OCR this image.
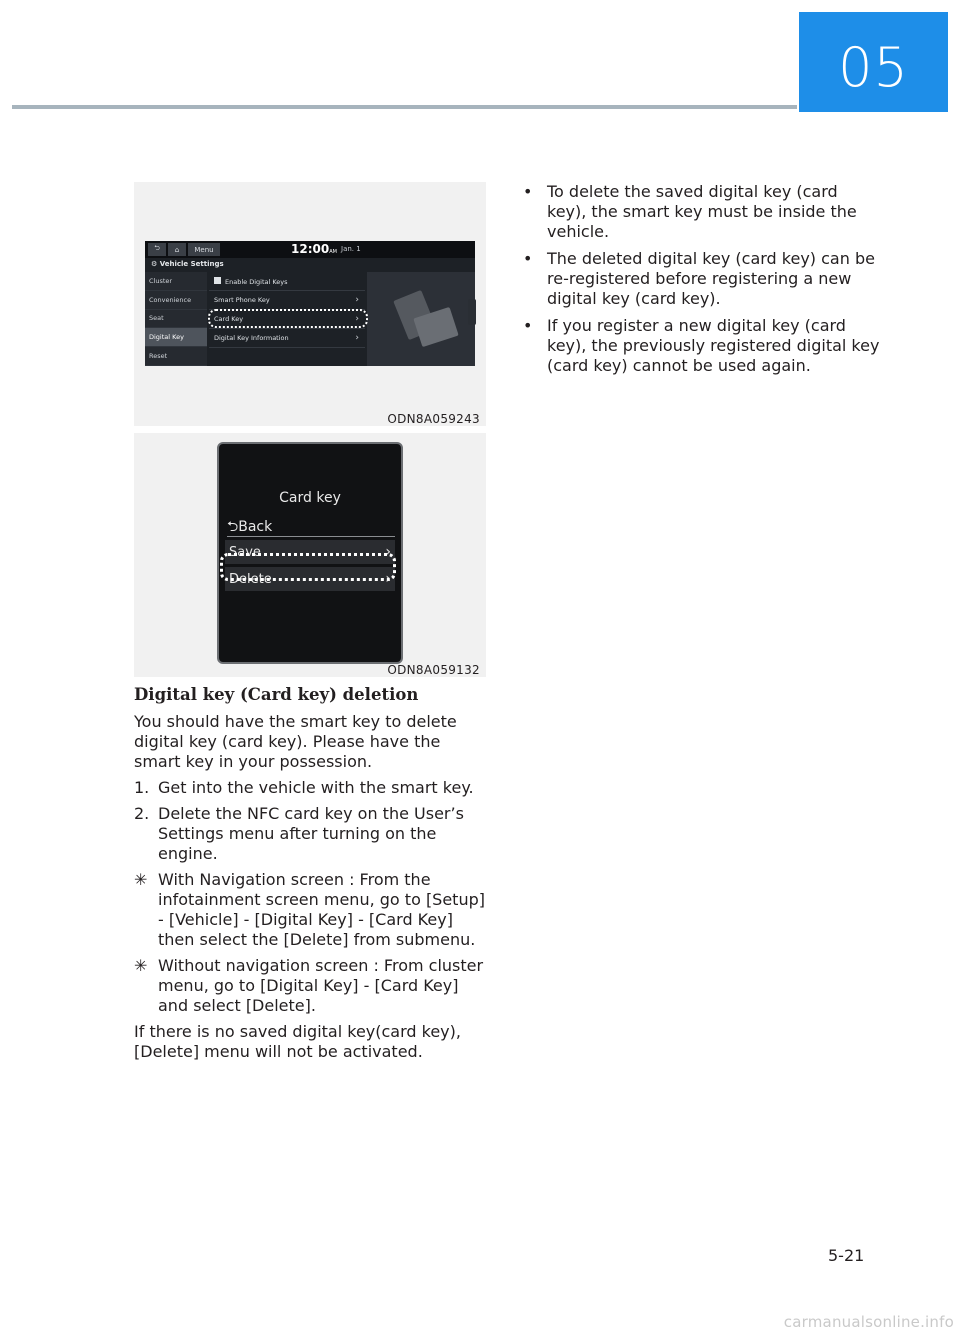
05
⮌	⌂	Menu	12:00AM Jan. 1
⚙ Vehicle Settings
Cluster
Convenience
Seat
Digital Key
Reset
Enable Digital Keys
Smart Phone Key	›
Card Key	›
Digital Key Information	›
ODN8A059243
Card key
⮌Back
Save	›
Delete	›
ODN8A059132
Digital key (Card key) deletion
You should have the smart key to delete digital key (card key). Please have the smart key in your possession.
1. Get into the vehicle with the smart key.
2. Delete the NFC card key on the User’s Settings menu after turning on the engine.
✳ With Navigation screen : From the infotainment screen menu, go to [Setup] - [Vehicle] - [Digital Key] - [Card Key] then select the [Delete] from submenu.
✳ Without navigation screen : From cluster menu, go to [Digital Key] - [Card Key] and select [Delete].
If there is no saved digital key(card key), [Delete] menu will not be activated.
• To delete the saved digital key (card key), the smart key must be inside the vehicle.
• The deleted digital key (card key) can be re-registered before registering a new digital key (card key).
• If you register a new digital key (card key), the previously registered digital key (card key) cannot be used again.
5-21
carmanualsonline.info
